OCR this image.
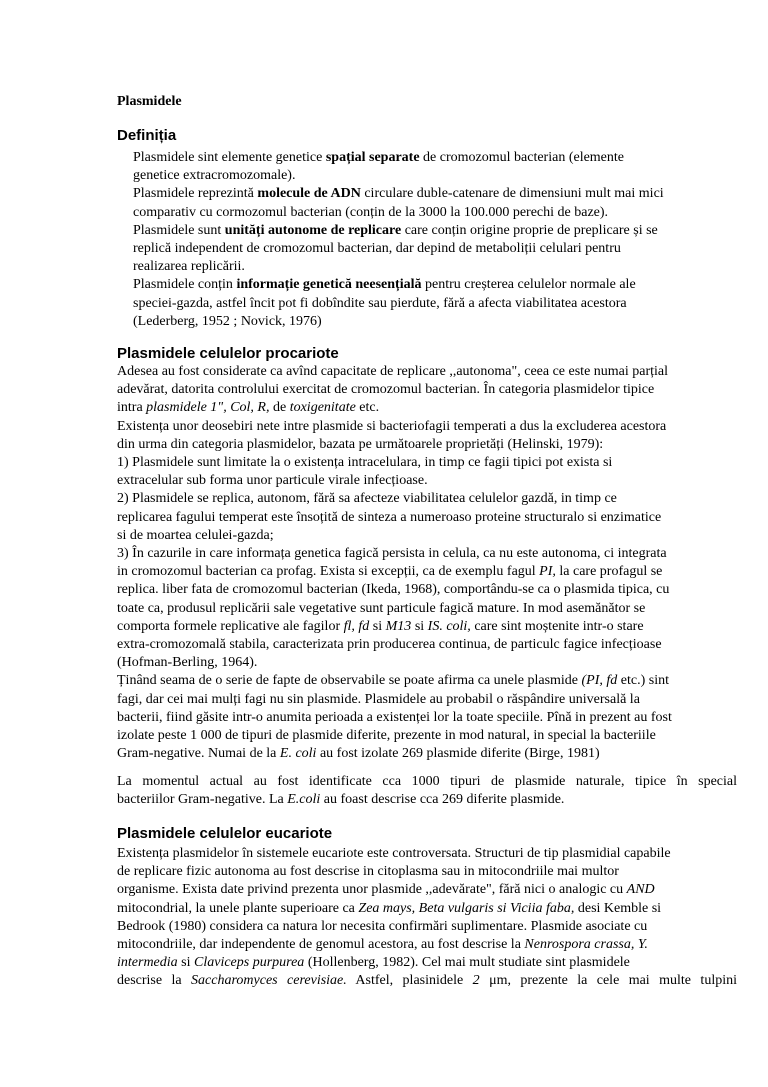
Plasmidele
Definiția
Plasmidele sint elemente genetice spațial separate de cromozomul bacterian (elemente
genetice extracromozomale).
Plasmidele reprezintă molecule de ADN circulare duble-catenare de dimensiuni mult mai mici
comparativ cu cormozomul bacterian (conțin de la 3000 la 100.000 perechi de baze).
Plasmidele sunt unități autonome de replicare care conțin origine proprie de preplicare și se
replică independent de cromozomul bacterian, dar depind de metaboliții celulari pentru
realizarea replicării.
Plasmidele conțin informație genetică neesențială pentru creșterea celulelor normale ale
speciei-gazda, astfel încit pot fi dobîndite sau pierdute, fără a afecta viabilitatea acestora
(Lederberg, 1952 ; Novick, 1976)
Plasmidele celulelor procariote
Adesea au fost considerate ca avînd capacitate de replicare ,,autonoma", ceea ce este numai parțial
adevărat, datorita controlului exercitat de cromozomul bacterian. În categoria plasmidelor tipice
intra plasmidele 1", Col, R, de toxigenitate etc.
Existența unor deosebiri nete intre plasmide si bacteriofagii temperati a dus la excluderea acestora
din urma din categoria plasmidelor, bazata pe următoarele proprietăți (Helinski, 1979):
1) Plasmidele sunt limitate la o existența intracelulara, in timp ce fagii tipici pot exista si
extracelular sub forma unor particule virale infecțioase.
2) Plasmidele se replica, autonom, fără sa afecteze viabilitatea celulelor gazdă, in timp ce
replicarea fagului temperat este însoțită de sinteza a numeroaso proteine structuralo si enzimatice
si de moartea celulei-gazda;
3) În cazurile in care informața genetica fagică persista in celula, ca nu este autonoma, ci integrata
in cromozomul bacterian ca profag. Exista si excepții, ca de exemplu fagul PI, la care profagul se
replica. liber fata de cromozomul bacterian (Ikeda, 1968), comportându-se ca o plasmida tipica, cu
toate ca, produsul replicării sale vegetative sunt particule fagică mature. In mod asemănător se
comporta formele replicative ale fagilor fl, fd si M13 si IS. coli, care sint moștenite intr-o stare
extra-cromozomală stabila, caracterizata prin producerea continua, de particulc fagice infecțioase
(Hofman-Berling, 1964).
Ținând seama de o serie de fapte de observabile se poate afirma ca unele plasmide (PI, fd etc.) sint
fagi, dar cei mai mulți fagi nu sin plasmide. Plasmidele au probabil o răspândire universală la
bacterii, fiind găsite intr-o anumita perioada a existenței lor la toate speciile. Pînă in prezent au fost
izolate peste 1 000 de tipuri de plasmide diferite, prezente in mod natural, in special la bacteriile
Gram-negative. Numai de la E. coli au fost izolate 269 plasmide diferite (Birge, 1981)
La momentul actual au fost identificate cca 1000 tipuri de plasmide naturale, tipice în special
bacteriilor Gram-negative. La E.coli au foast descrise cca 269 diferite plasmide.
Plasmidele celulelor eucariote
Existența plasmidelor în sistemele eucariote este controversata. Structuri de tip plasmidial capabile
de replicare fizic autonoma au fost descrise in citoplasma sau in mitocondriile mai multor
organisme. Exista date privind prezenta unor plasmide ,,adevărate", fără nici o analogic cu AND
mitocondrial, la unele plante superioare ca Zea mays, Beta vulgaris si Viciia faba, desi Kemble si
Bedrook (1980) considera ca natura lor necesita confirmări suplimentare. Plasmide asociate cu
mitocondriile, dar independente de genomul acestora, au fost descrise la Nenrospora crassa, Y.
intermedia si Claviceps purpurea (Hollenberg, 1982). Cel mai mult studiate sint plasmidele
descrise la Saccharomyces cerevisiae. Astfel, plasinidele 2 μm, prezente la cele mai multe tulpini
